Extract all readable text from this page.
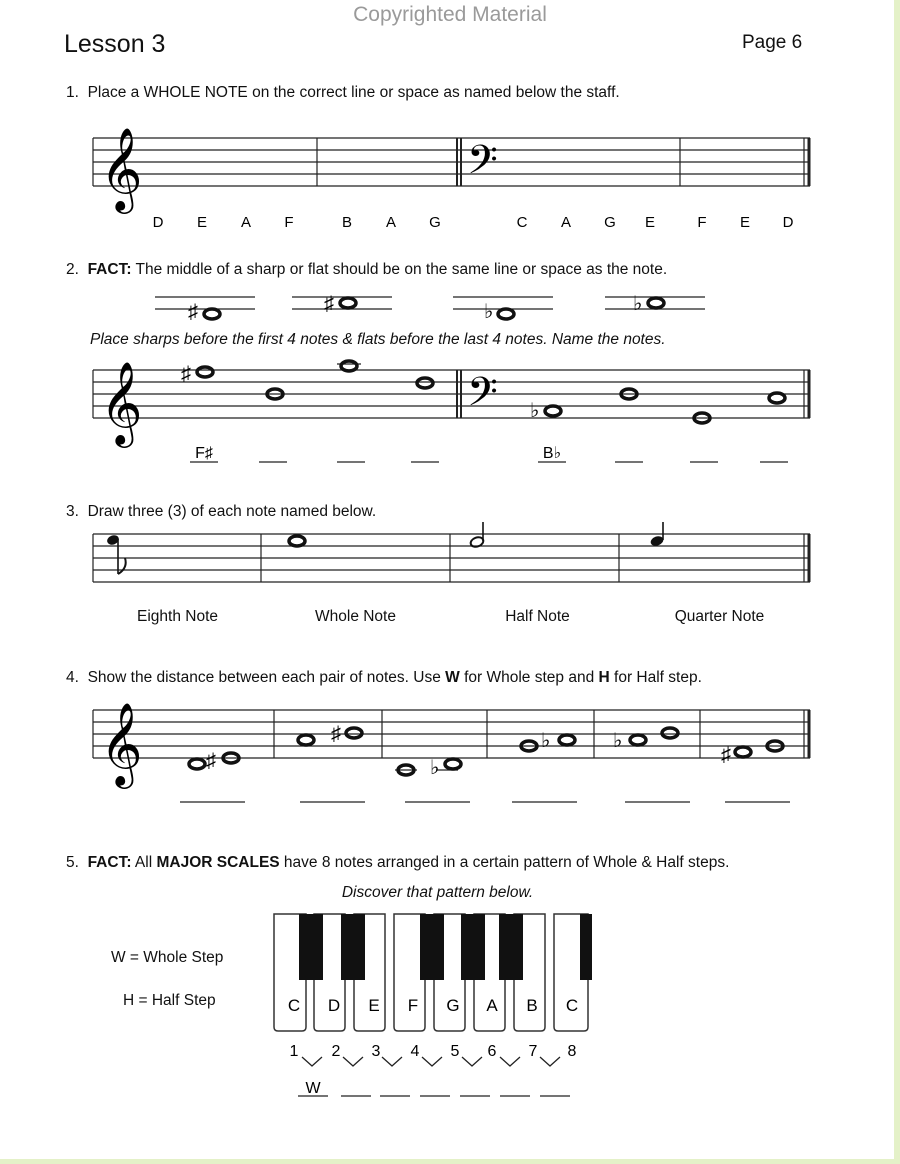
Copyrighted Material
Lesson 3	Page 6
1. Place a WHOLE NOTE on the correct line or space as named below the staff.
𝄞	𝄢
D E A F	B A G	C A G E	F E D
2. FACT: The middle of a sharp or flat should be on the same line or space as the note.
♯	♯	♭	♭
Place sharps before the first 4 notes & flats before the last 4 notes. Name the notes.
𝄞	𝄢
♯
♭
F♯	B♭
3. Draw three (3) of each note named below.
Eighth Note	Whole Note	Half Note	Quarter Note
4. Show the distance between each pair of notes. Use W for Whole step and H for Half step.
𝄞	♯
♯
♭
♭	♭
♯
5. FACT: All MAJOR SCALES have 8 notes arranged in a certain pattern of Whole & Half steps.
Discover that pattern below.
W = Whole Step
H = Half Step	C D E F G A B C
1 2 3 4 5 6 7 8
W
